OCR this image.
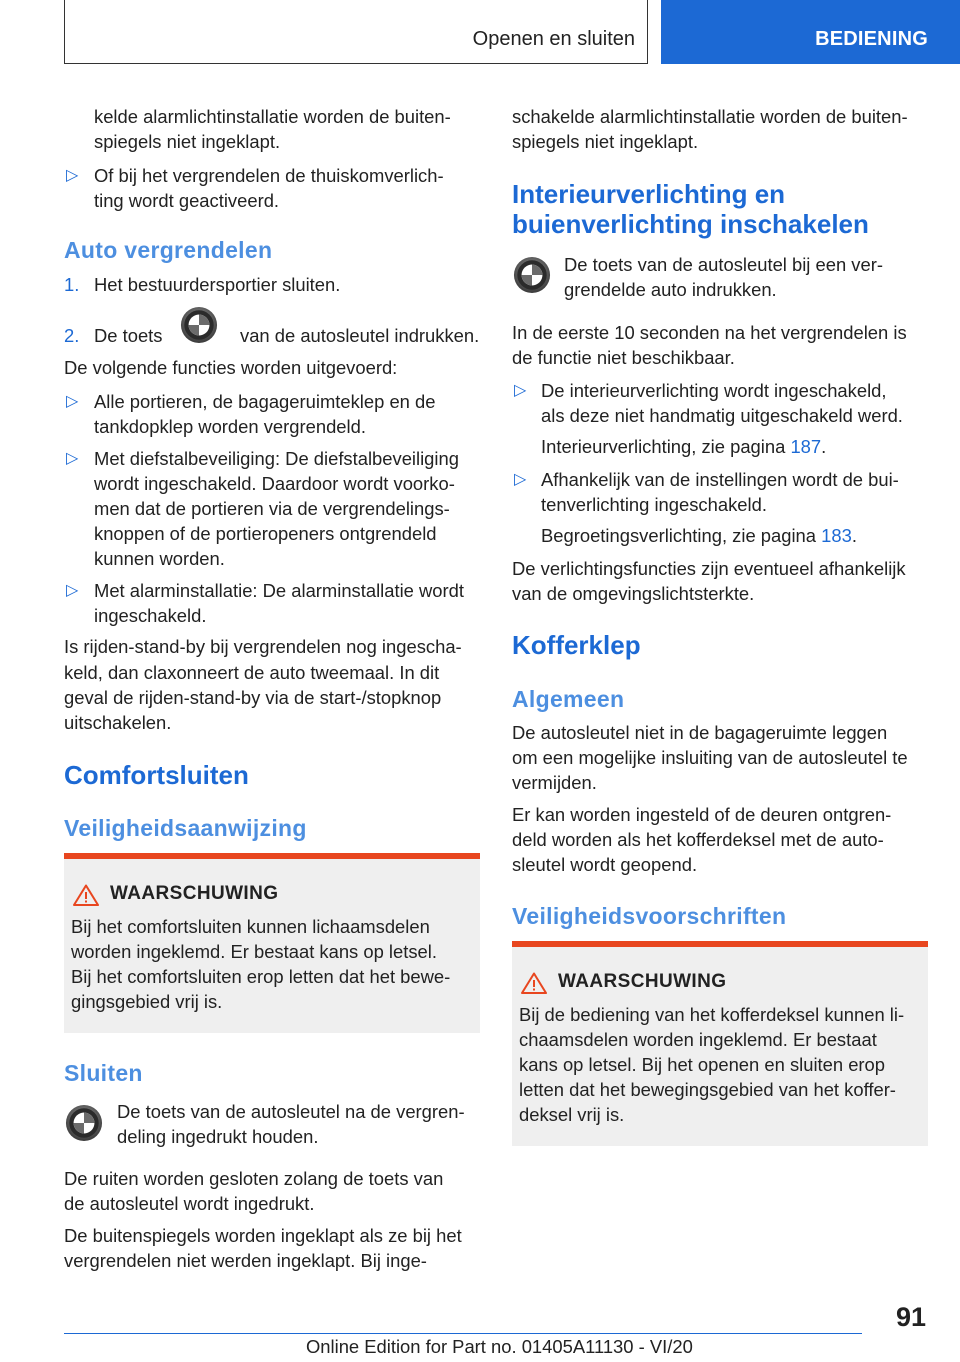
Openen en sluiten	BEDIENING

kelde alarmlichtinstallatie worden de buiten-

spiegels niet ingeklapt.

▷ Of bij het vergrendelen de thuiskomverlich-

ting wordt geactiveerd.

Auto vergrendelen
1. Het bestuurdersportier sluiten.

2. De toets	van de autosleutel indrukken.

De volgende functies worden uitgevoerd:

▷ Alle portieren, de bagageruimteklep en de

tankdopklep worden vergrendeld.

▷ Met diefstalbeveiliging: De diefstalbeveiliging

wordt ingeschakeld. Daardoor wordt voorko-

men dat de portieren via de vergrendelings-

knoppen of de portieropeners ontgrendeld

kunnen worden.

▷ Met alarminstallatie: De alarminstallatie wordt

ingeschakeld.

Is rijden-stand-by bij vergrendelen nog ingescha-

keld, dan claxonneert de auto tweemaal. In dit

geval de rijden-stand-by via de start-/stopknop

uitschakelen.

Comfortsluiten
Veiligheidsaanwijzing
WAARSCHUWING

Bij het comfortsluiten kunnen lichaamsdelen

worden ingeklemd. Er bestaat kans op letsel.

Bij het comfortsluiten erop letten dat het bewe-

gingsgebied vrij is.

Sluiten

De toets van de autosleutel na de vergren-

deling ingedrukt houden.

De ruiten worden gesloten zolang de toets van

de autosleutel wordt ingedrukt.

De buitenspiegels worden ingeklapt als ze bij het

vergrendelen niet werden ingeklapt. Bij inge-

schakelde alarmlichtinstallatie worden de buiten-

spiegels niet ingeklapt.

Interieurverlichting en
buienverlichting inschakelen

De toets van de autosleutel bij een ver-

grendelde auto indrukken.

In de eerste 10 seconden na het vergrendelen is

de functie niet beschikbaar.

▷ De interieurverlichting wordt ingeschakeld,

als deze niet handmatig uitgeschakeld werd.

Interieurverlichting, zie pagina 187.

▷ Afhankelijk van de instellingen wordt de bui-

tenverlichting ingeschakeld.

Begroetingsverlichting, zie pagina 183.

De verlichtingsfuncties zijn eventueel afhankelijk

van de omgevingslichtsterkte.

Kofferklep
Algemeen

De autosleutel niet in de bagageruimte leggen

om een mogelijke insluiting van de autosleutel te

vermijden.

Er kan worden ingesteld of de deuren ontgren-

deld worden als het kofferdeksel met de auto-

sleutel wordt geopend.

Veiligheidsvoorschriften
WAARSCHUWING

Bij de bediening van het kofferdeksel kunnen li-

chaamsdelen worden ingeklemd. Er bestaat

kans op letsel. Bij het openen en sluiten erop

letten dat het bewegingsgebied van het koffer-

deksel vrij is.

91
Online Edition for Part no. 01405A11130 - VI/20
